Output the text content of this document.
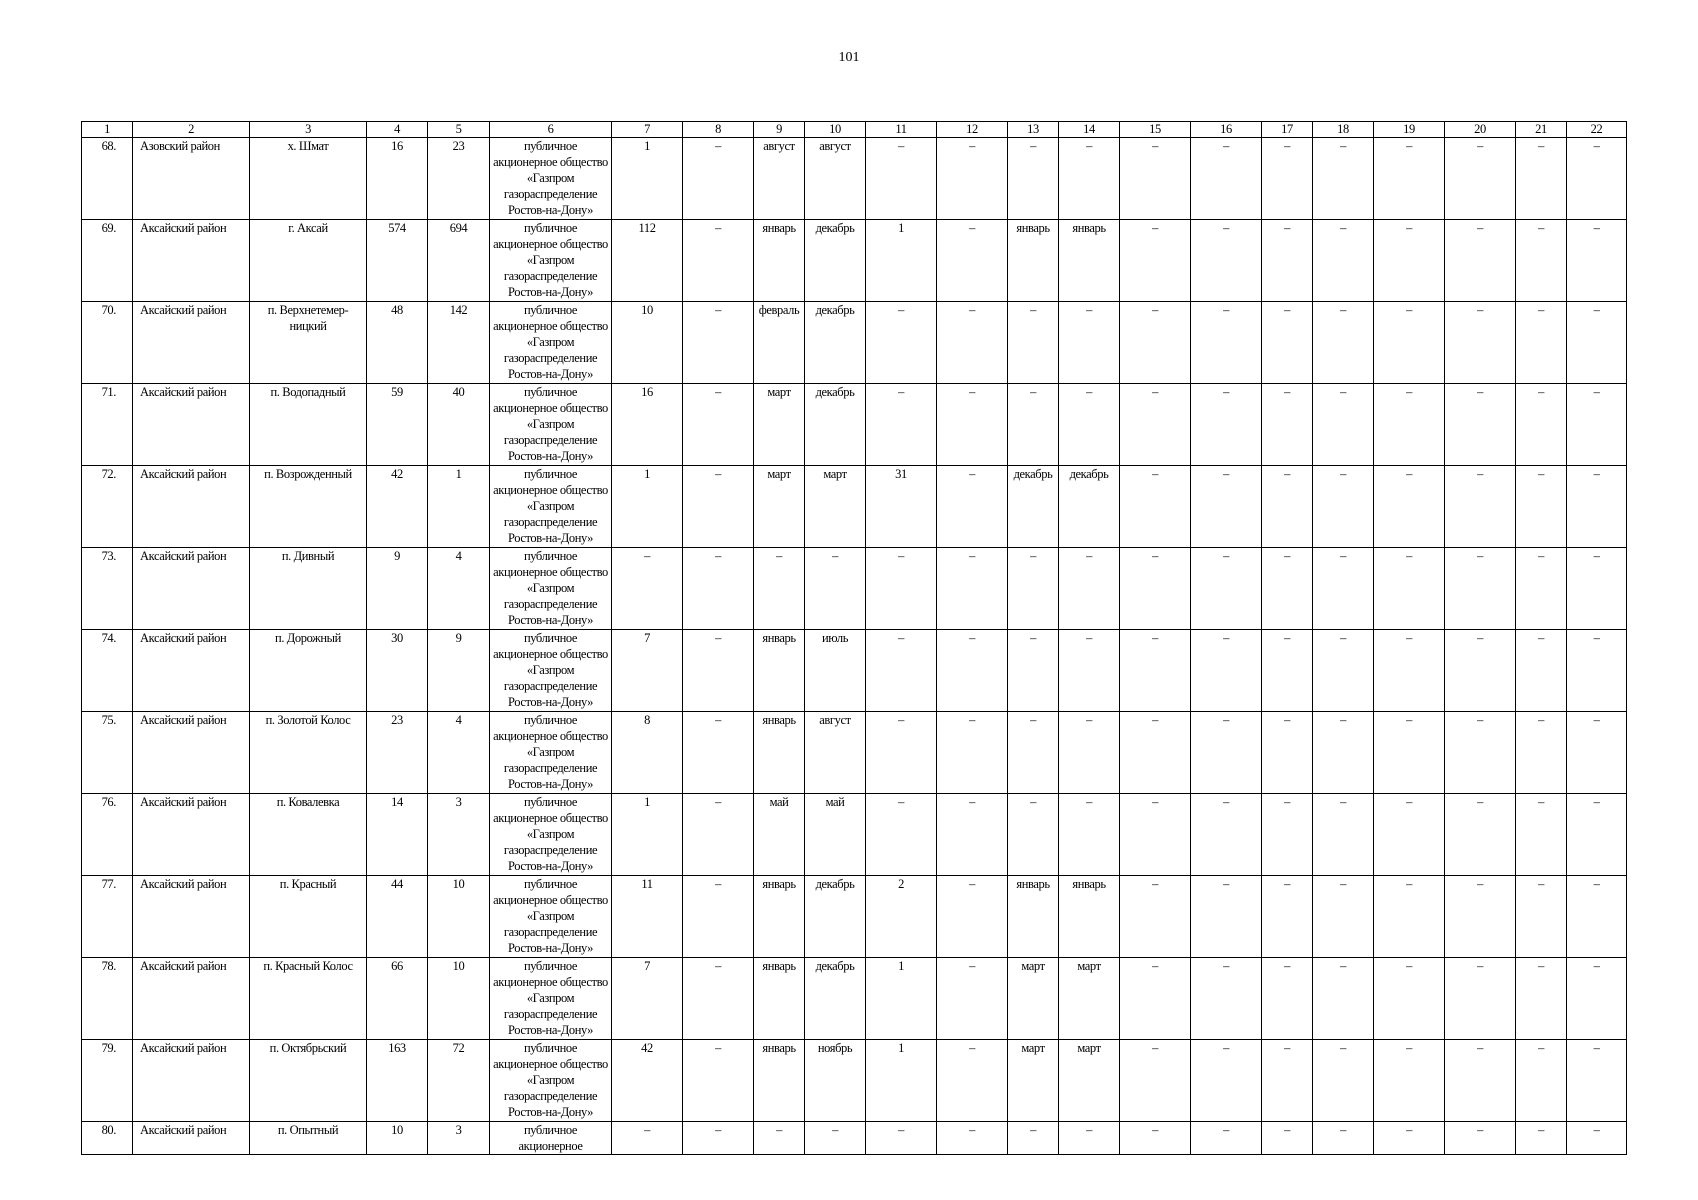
101
1	2	3	4	5	6	7	8	9	10	11	12	13	14	15	16	17	18	19	20	21	22
68.	Азовский район	х. Шмат	16	23	публичное акционерное общество «Газпром газораспределение Ростов-на-Дону»	1	–	август	август	–	–	–	–	–	–	–	–	–	–	–	–
69.	Аксайский район	г. Аксай	574	694	публичное акционерное общество «Газпром газораспределение Ростов-на-Дону»	112	–	январь	декабрь	1	–	январь	январь	–	–	–	–	–	–	–	–
70.	Аксайский район	п. Верхнетемер-ницкий	48	142	публичное акционерное общество «Газпром газораспределение Ростов-на-Дону»	10	–	февраль	декабрь	–	–	–	–	–	–	–	–	–	–	–	–
71.	Аксайский район	п. Водопадный	59	40	публичное акционерное общество «Газпром газораспределение Ростов-на-Дону»	16	–	март	декабрь	–	–	–	–	–	–	–	–	–	–	–	–
72.	Аксайский район	п. Возрожденный	42	1	публичное акционерное общество «Газпром газораспределение Ростов-на-Дону»	1	–	март	март	31	–	декабрь	декабрь	–	–	–	–	–	–	–	–
73.	Аксайский район	п. Дивный	9	4	публичное акционерное общество «Газпром газораспределение Ростов-на-Дону»	–	–	–	–	–	–	–	–	–	–	–	–	–	–	–	–
74.	Аксайский район	п. Дорожный	30	9	публичное акционерное общество «Газпром газораспределение Ростов-на-Дону»	7	–	январь	июль	–	–	–	–	–	–	–	–	–	–	–	–
75.	Аксайский район	п. Золотой Колос	23	4	публичное акционерное общество «Газпром газораспределение Ростов-на-Дону»	8	–	январь	август	–	–	–	–	–	–	–	–	–	–	–	–
76.	Аксайский район	п. Ковалевка	14	3	публичное акционерное общество «Газпром газораспределение Ростов-на-Дону»	1	–	май	май	–	–	–	–	–	–	–	–	–	–	–	–
77.	Аксайский район	п. Красный	44	10	публичное акционерное общество «Газпром газораспределение Ростов-на-Дону»	11	–	январь	декабрь	2	–	январь	январь	–	–	–	–	–	–	–	–
78.	Аксайский район	п. Красный Колос	66	10	публичное акционерное общество «Газпром газораспределение Ростов-на-Дону»	7	–	январь	декабрь	1	–	март	март	–	–	–	–	–	–	–	–
79.	Аксайский район	п. Октябрьский	163	72	публичное акционерное общество «Газпром газораспределение Ростов-на-Дону»	42	–	январь	ноябрь	1	–	март	март	–	–	–	–	–	–	–	–
80.	Аксайский район	п. Опытный	10	3	публичное акционерное	–	–	–	–	–	–	–	–	–	–	–	–	–	–	–	–
